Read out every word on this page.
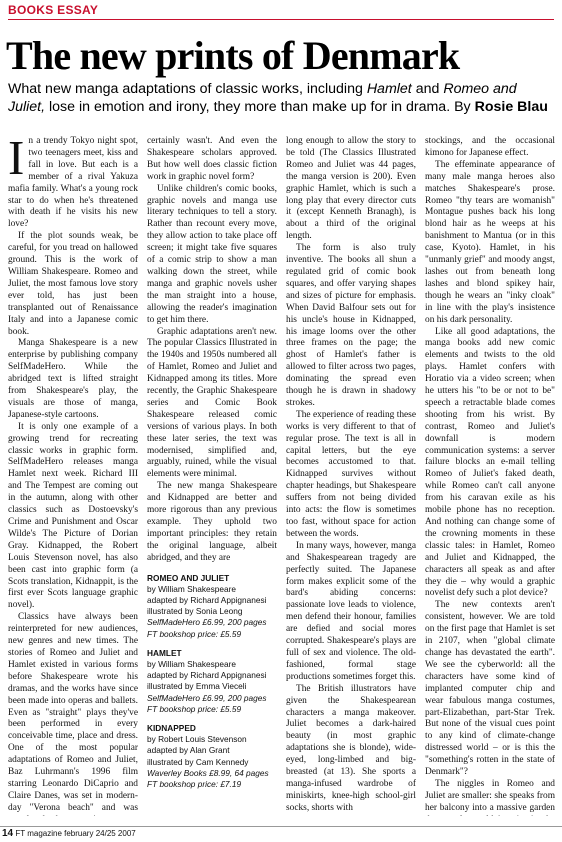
BOOKS ESSAY
The new prints of Denmark
What new manga adaptations of classic works, including Hamlet and Romeo and Juliet, lose in emotion and irony, they more than make up for in drama. By Rosie Blau

In a trendy Tokyo night spot, two teenagers meet, kiss and fall in love. But each is a member of a rival Yakuza mafia family. What's a young rock star to do when he's threatened with death if he visits his new love?

If the plot sounds weak, be careful, for you tread on hallowed ground. This is the work of William Shakespeare. Romeo and Juliet, the most famous love story ever told, has just been transplanted out of Renaissance Italy and into a Japanese comic book.

Manga Shakespeare is a new enterprise by publishing company SelfMadeHero. While the abridged text is lifted straight from Shakespeare's play, the visuals are those of manga, Japanese-style cartoons.

It is only one example of a growing trend for recreating classic works in graphic form. SelfMadeHero releases manga Hamlet next week. Richard III and The Tempest are coming out in the autumn, along with other classics such as Dostoevsky's Crime and Punishment and Oscar Wilde's The Picture of Dorian Gray. Kidnapped, the Robert Louis Stevenson novel, has also been cast into graphic form (a Scots translation, Kidnappit, is the first ever Scots language graphic novel).

Classics have always been reinterpreted for new audiences, new genres and new times. The stories of Romeo and Juliet and Hamlet existed in various forms before Shakespeare wrote his dramas, and the works have since been made into operas and ballets. Even as "straight" plays they've been performed in every conceivable time, place and dress. One of the most popular adaptations of Romeo and Juliet, Baz Luhrmann's 1996 film starring Leonardo DiCaprio and Claire Danes, was set in modern-day "Verona beach" and was

certainly wasn't. And even the Shakespeare scholars approved. But how well does classic fiction work in graphic novel form?

Unlike children's comic books, graphic novels and manga use literary techniques to tell a story. Rather than recount every move, they allow action to take place off screen; it might take five squares of a comic strip to show a man walking down the street, while manga and graphic novels usher the man straight into a house, allowing the reader's imagination to get him there.

Graphic adaptations aren't new. The popular Classics Illustrated in the 1940s and 1950s numbered all of Hamlet, Romeo and Juliet and Kidnapped among its titles. More recently, the Graphic Shakespeare series and Comic Book Shakespeare released comic versions of various plays. In both these later series, the text was modernised, simplified and, arguably, ruined, while the visual elements were minimal.

The new manga Shakespeare and Kidnapped are better and more rigorous than any previous example. They uphold two important principles: they retain the original language, albeit abridged, and they are

ROMEO AND JULIET
by William Shakespeare
adapted by Richard Appignanesi
illustrated by Sonia Leong
SelfMadeHero £6.99, 200 pages
FT bookshop price: £5.59
HAMLET
by William Shakespeare
adapted by Richard Appignanesi
illustrated by Emma Vieceli
SelfMadeHero £6.99, 200 pages
FT bookshop price: £5.59
KIDNAPPED
by Robert Louis Stevenson
adapted by Alan Grant
illustrated by Cam Kennedy
Waverley Books £8.99, 64 pages
FT bookshop price: £7.19

long enough to allow the story to be told (The Classics Illustrated Romeo and Juliet was 44 pages, the manga version is 200). Even graphic Hamlet, which is such a long play that every director cuts it (except Kenneth Branagh), is about a third of the original length.

The form is also truly inventive. The books all shun a regulated grid of comic book squares, and offer varying shapes and sizes of picture for emphasis. When David Balfour sets out for his uncle's house in Kidnapped, his image looms over the other three frames on the page; the ghost of Hamlet's father is allowed to filter across two pages, dominating the spread even though he is drawn in shadowy strokes.

The experience of reading these works is very different to that of regular prose. The text is all in capital letters, but the eye becomes accustomed to that. Kidnapped survives without chapter headings, but Shakespeare suffers from not being divided into acts: the flow is sometimes too fast, without space for action between the words.

In many ways, however, manga and Shakespearean tragedy are perfectly suited. The Japanese form makes explicit some of the bard's abiding concerns: passionate love leads to violence, men defend their honour, families are defied and social mores corrupted. Shakespeare's plays are full of sex and violence. The old-fashioned, formal stage productions sometimes forget this.

The British illustrators have given the Shakespearean characters a manga makeover. Juliet becomes a dark-haired beauty (in most graphic adaptations she is blonde), wide-eyed, long-limbed and big-breasted (at 13). She sports a manga-infused wardrobe of miniskirts, knee-high school-girl socks, shorts with

stockings, and the occasional kimono for Japanese effect.

The effeminate appearance of many male manga heroes also matches Shakespeare's prose. Romeo "thy tears are womanish" Montague pushes back his long blond hair as he weeps at his banishment to Mantua (or in this case, Kyoto). Hamlet, in his "unmanly grief" and moody angst, lashes out from beneath long lashes and blond spikey hair, though he wears an "inky cloak" in line with the play's insistence on his dark personality.

Like all good adaptations, the manga books add new comic elements and twists to the old plays. Hamlet confers with Horatio via a video screen; when he utters his "to be or not to be" speech a retractable blade comes shooting from his wrist. By contrast, Romeo and Juliet's downfall is modern communication systems: a server failure blocks an e-mail telling Romeo of Juliet's faked death, while Romeo can't call anyone from his caravan exile as his mobile phone has no reception. And nothing can change some of the crowning moments in these classic tales: in Hamlet, Romeo and Juliet and Kidnapped, the characters all speak as and after they die – why would a graphic novelist defy such a plot device?

The new contexts aren't consistent, however. We are told on the first page that Hamlet is set in 2107, when "global climate change has devastated the earth". We see the cyberworld: all the characters have some kind of implanted computer chip and wear fabulous manga costumes, part-Elizabethan, part-Star Trek. But none of the visual cues point to any kind of climate-change distressed world – or is this the "something's rotten in the state of Denmark"?

The niggles in Romeo and Juliet are smaller: she speaks from her balcony into a massive garden

14 FT magazine february 24/25 2007
